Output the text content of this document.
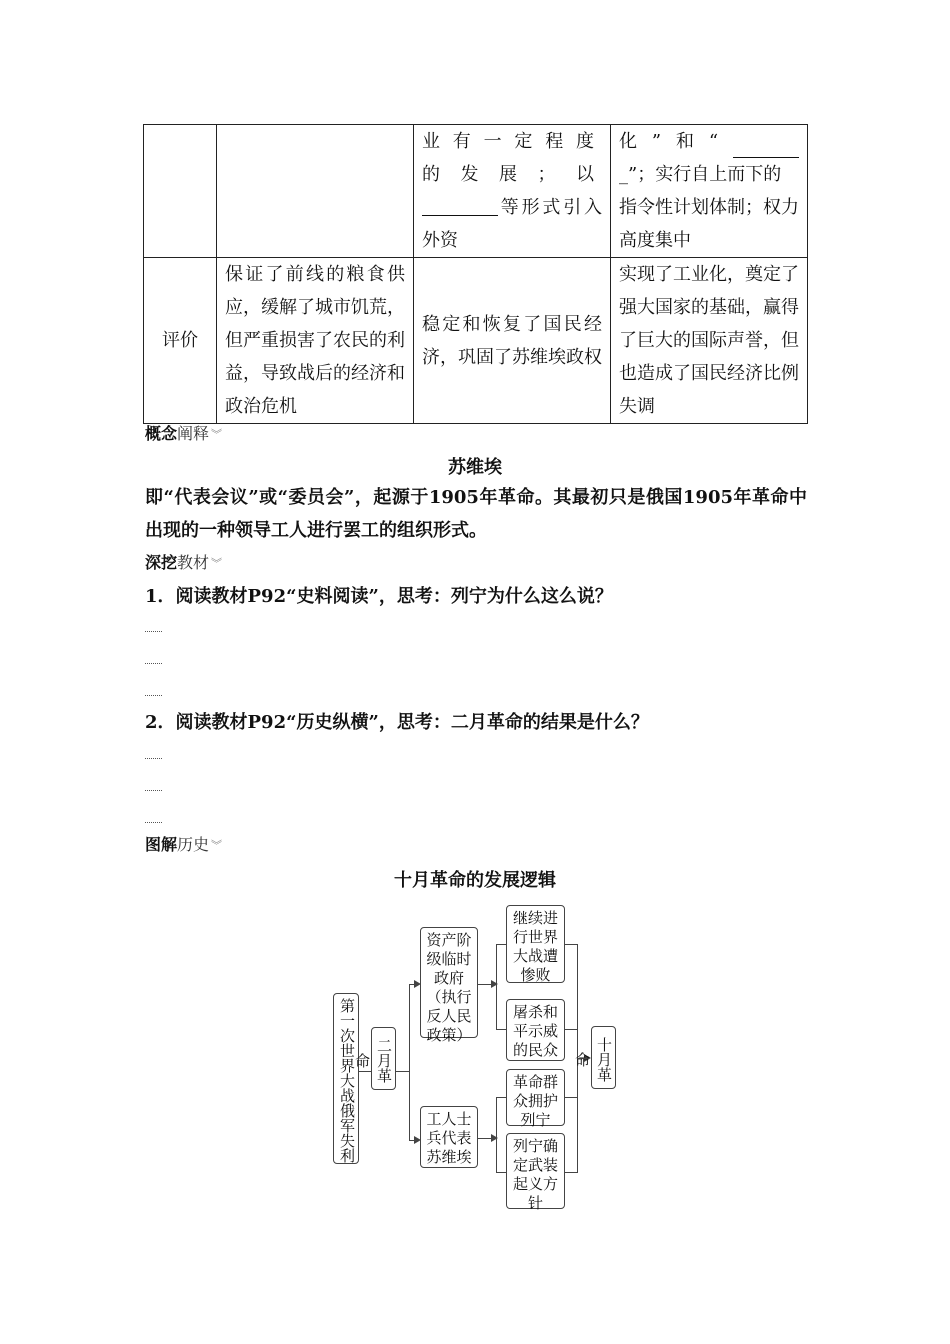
		业有一定程度的发展；以等形式引入外资	化 ” 和 “
_”；实行自上而下的指令性计划体制；权力高度集中

评价	保证了前线的粮食供应，缓解了城市饥荒，但严重损害了农民的利益，导致战后的经济和政治危机	稳定和恢复了国民经济，巩固了苏维埃政权	实现了工业化，奠定了强大国家的基础，赢得了巨大的国际声誉，但也造成了国民经济比例失调
概念阐释 ︾
苏维埃
即“代表会议”或“委员会”，起源于1905年革命。其最初只是俄国1905年革命中出现的一种领导工人进行罢工的组织形式。
深挖教材 ︾
1．阅读教材P92“史料阅读”，思考：列宁为什么这么说？
2．阅读教材P92“历史纵横”，思考：二月革命的结果是什么？
图解历史 ︾
十月革命的发展逻辑
第一次世界大战俄军失利 二月革命
资产阶级临时政府（执行反人民政策）
工人士兵代表苏维埃
继续进行世界大战遭惨败
屠杀和平示威的民众
革命群众拥护列宁
列宁确定武装起义方针
十月革命
